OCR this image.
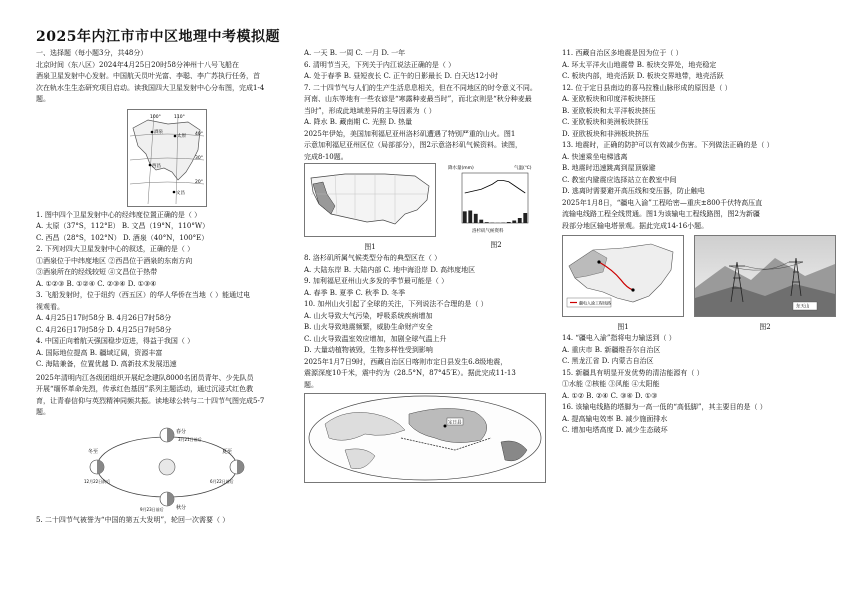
2025年内江市市中区地理中考模拟题
一、选择题（每小题3分，共48分）
北京时间（东八区）2024年4月25日20时58分神州十八号飞船在
酒泉卫星发射中心发射。中国航天员叶光富、李聪、李广苏执行任务，首
次在轨水生生态研究项目启动。读我国四大卫星发射中心分布图，完成1-4
题。
100°	110°
40°
30°
20°
酒泉
太原
西昌
文昌
1. 图中四个卫星发射中心的经纬度位置正确的是（ ）
A. 太原（37°S，112°E） B. 文昌（19°N，110°W）
C. 西昌（28°S，102°N） D. 酒泉（40°N，100°E）
2. 下列对四大卫星发射中心的叙述，正确的是（ ）
①酒泉位于中纬度地区 ②西昌位于酒泉的东南方向
③酒泉所在的经线较短 ④文昌位于热带
A. ①②③ B. ①②④ C. ②③④ D. ①③④
3. 飞船发射时，位于纽约（西五区）的华人华侨在当地（ ）能通过电
视观看。
A. 4月25日17时58分 B. 4月26日7时58分
C. 4月26日17时58分 D. 4月25日7时58分
4. 中国正向着航天强国稳步迈进，得益于我国（ ）
A. 国际地位提高 B. 疆域辽阔，资源丰富
C. 海陆兼备，位置优越 D. 高新技术发展迅速
2025年清明内江各级团组织开展纪念建队8000名团员青年、少先队员
开展“缅怀革命先烈，传承红色基因”系列主题活动，通过沉浸式红色教
育，让青春信仰与英烈精神同频共振。读地球公转与二十四节气图完成5-7
题。
春分
夏至
秋分
冬至
3月21日前后
6月22日前后
9月23日前后
12月22日前后
5. 二十四节气被誉为“中国的第五大发明”，轮回一次需要（ ）
A. 一天 B. 一周 C. 一月 D. 一年
6. 清明节当天，下列关于内江说法正确的是（ ）
A. 处于春季 B. 昼短夜长 C. 正午的日影最长 D. 白天达12小时
7. 二十四节气与人们的生产生活息息相关，但在不同地区的时令意义不同。
河南、山东等地有一些农谚是“寒露种麦最当时”，而北京则是“秋分种麦最
当时”，形成此地域差异的主导因素为（ ）
A. 降水 B. 藏南期 C. 光照 D. 热量
2025年伊始，美国加利福尼亚州洛杉矶遭遇了特别严重的山火。图1
示意加利福尼亚州区位（局部部分），图2示意洛杉矶气候资料。读图，
完成8-10题。
图1
降水量(mm)	气温(℃)
洛杉矶气候资料
图2
8. 洛杉矶所属气候类型分布的典型区在（ ）
A. 大陆东岸 B. 大陆内部 C. 地中海沿岸 D. 高纬度地区
9. 加利福尼亚州山火多发的季节最可能是（ ）
A. 春季 B. 夏季 C. 秋季 D. 冬季
10. 加州山火引起了全球的关注，下列说法不合理的是（ ）
A. 山火导致大气污染，呼吸系统疾病增加
B. 山火导致地震频繁，威胁生命财产安全
C. 山火导致温室效应增加，加剧全球气温上升
D. 大量动植物被毁，生物多样性受到影响
2025年1月7日9时，西藏自治区日喀则市定日县发生6.8级地震，
震源深度10千米，震中约为（28.5°N，87°45′E）。据此完成11-13
题。
定日县
11. 西藏自治区多地震是因为位于（ ）
A. 环太平洋火山地震带 B. 板块交界处，地壳稳定
C. 板块内部，地壳活跃 D. 板块交界地带，地壳活跃
12. 位于定日县南边的喜马拉雅山脉形成的原因是（ ）
A. 亚欧板块和印度洋板块挤压
B. 亚欧板块和太平洋板块挤压
C. 亚欧板块和美洲板块挤压
D. 亚欧板块和非洲板块挤压
13. 地震时，正确的防护可以有效减少伤害。下列做法正确的是（ ）
A. 快速乘坐电梯逃离
B. 地震时迅速跳离到屋顶躲避
C. 教室内避震应选择站立在教室中间
D. 逃离时需要避开高压线和变压器，防止触电
2025年1月8日，“疆电入渝”工程哈密—重庆±800千伏特高压直
流输电线路工程全线贯通。图1为该输电工程线路图，图2为新疆
段部分地区输电塔景观。据此完成14-16小题。
疆电入渝工程线路
图1
东天山
图2
14. “疆电入渝”指将电力输送到（ ）
A. 重庆市 B. 新疆维吾尔自治区
C. 黑龙江省 D. 内蒙古自治区
15. 新疆具有明显开发优势的清洁能源有（ ）
①水能 ②核能 ③风能 ④太阳能
A. ①② B. ②④ C. ③④ D. ①③
16. 该输电线路的塔脚为一高一低的“高低脚”，其主要目的是（ ）
A. 提高输电效率 B. 减少施面排水
C. 增加电塔高度 D. 减少生态破坏
